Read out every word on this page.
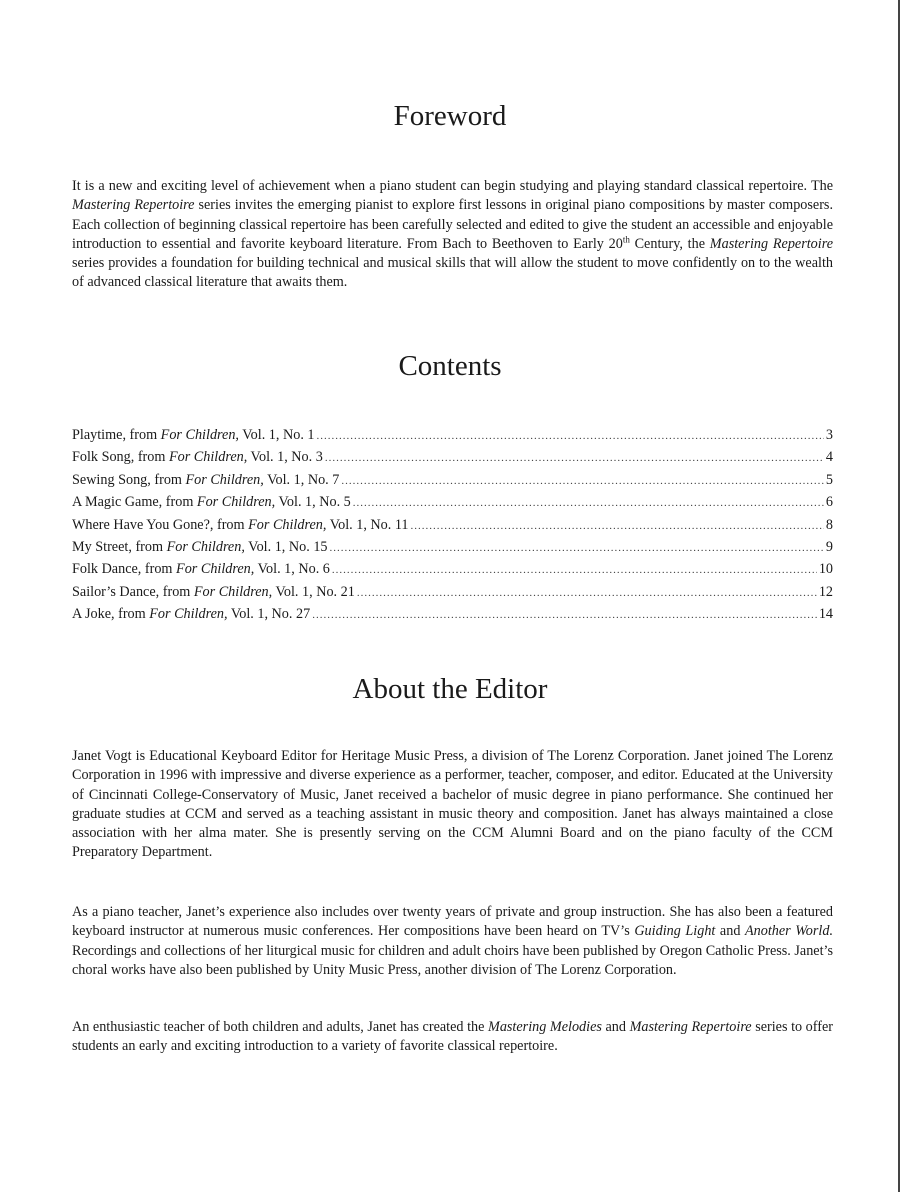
Foreword

It is a new and exciting level of achievement when a piano student can begin studying and playing standard classical repertoire. The Mastering Repertoire series invites the emerging pianist to explore first lessons in original piano compositions by master composers. Each collection of beginning classical repertoire has been carefully selected and edited to give the student an accessible and enjoyable introduction to essential and favorite keyboard literature. From Bach to Beethoven to Early 20th Century, the Mastering Repertoire series provides a foundation for building technical and musical skills that will allow the student to move confidently on to the wealth of advanced classical literature that awaits them.

Contents
Playtime, from For Children, Vol. 1, No. 1 .....	3
Folk Song, from For Children, Vol. 1, No. 3 .....	4
Sewing Song, from For Children, Vol. 1, No. 7 .....	5
A Magic Game, from For Children, Vol. 1, No. 5 .....	6
Where Have You Gone?, from For Children, Vol. 1, No. 11 .....	8
My Street, from For Children, Vol. 1, No. 15 .....	9
Folk Dance, from For Children, Vol. 1, No. 6 .....	10
Sailor’s Dance, from For Children, Vol. 1, No. 21 .....	12
A Joke, from For Children, Vol. 1, No. 27 .....	14
About the Editor

Janet Vogt is Educational Keyboard Editor for Heritage Music Press, a division of The Lorenz Corporation. Janet joined The Lorenz Corporation in 1996 with impressive and diverse experience as a performer, teacher, composer, and editor. Educated at the University of Cincinnati College-Conservatory of Music, Janet received a bachelor of music degree in piano performance. She continued her graduate studies at CCM and served as a teaching assistant in music theory and composition. Janet has always maintained a close association with her alma mater. She is presently serving on the CCM Alumni Board and on the piano faculty of the CCM Preparatory Department.

As a piano teacher, Janet’s experience also includes over twenty years of private and group instruction. She has also been a featured keyboard instructor at numerous music conferences. Her compositions have been heard on TV’s Guiding Light and Another World. Recordings and collections of her liturgical music for children and adult choirs have been published by Oregon Catholic Press. Janet’s choral works have also been published by Unity Music Press, another division of The Lorenz Corporation.

An enthusiastic teacher of both children and adults, Janet has created the Mastering Melodies and Mastering Repertoire series to offer students an early and exciting introduction to a variety of favorite classical repertoire.
